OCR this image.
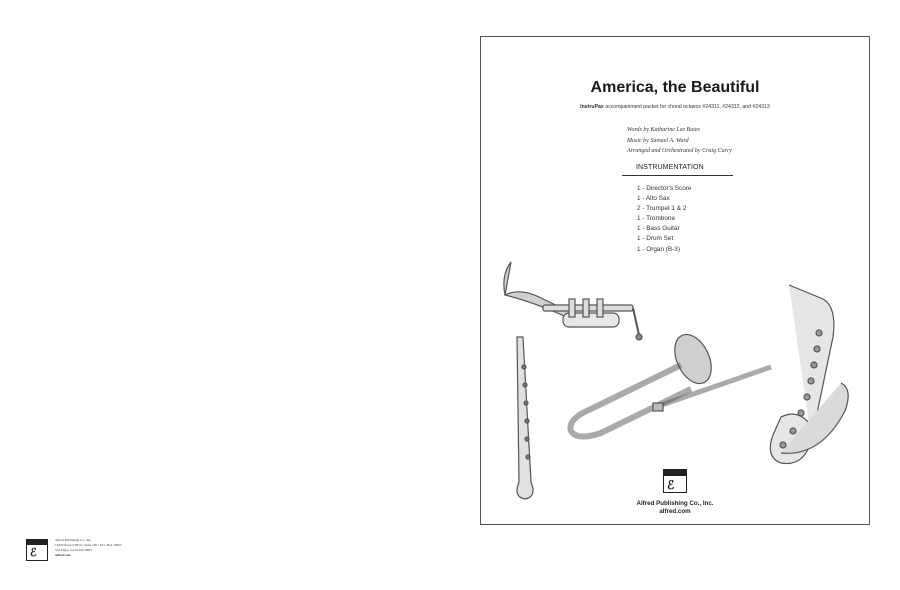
America, the Beautiful
InstruPax accompaniment packet for choral octavos #24311, #24312, and #24313
Words by Katharine Lee Bates
Music by Samuel A. Ward
Arranged and Orchestrated by Craig Curry
INSTRUMENTATION
1 - Director's Score
1 - Alto Sax
2 - Trumpet 1 & 2
1 - Trombone
1 - Bass Guitar
1 - Drum Set
1 - Organ (B-3)
ℰ
Alfred Publishing Co., Inc.
alfred.com
ℰ
Alfred Publishing Co., Inc.
16320 Roscoe Blvd., Suite 100 • P.O. Box 10003
Van Nuys, CA 91410-0003
alfred.com
